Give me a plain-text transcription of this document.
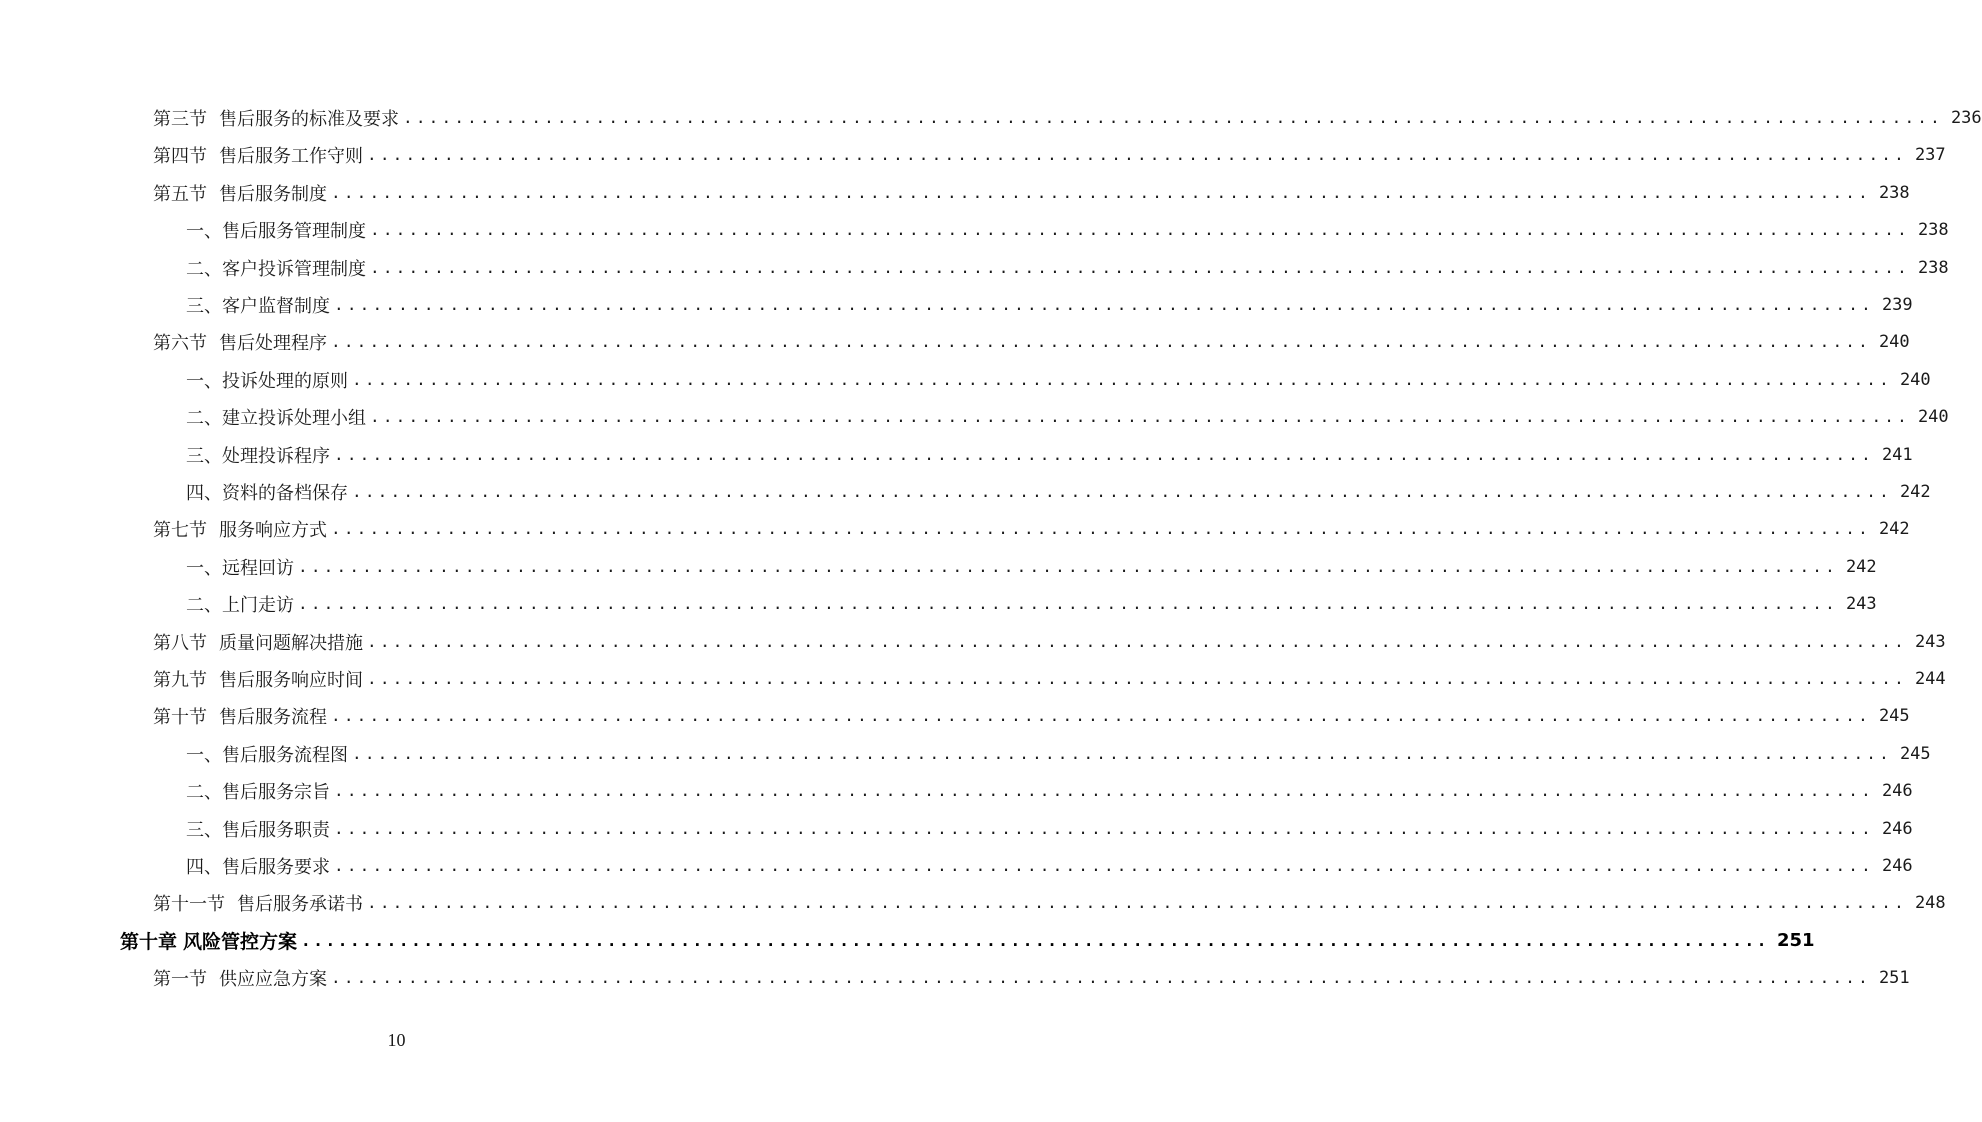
第三节 售后服务的标准及要求 ........................................................................................................................ 236
第四节 售后服务工作守则 ........................................................................................................................ 237
第五节 售后服务制度 ........................................................................................................................ 238
一、售后服务管理制度 ........................................................................................................................ 238
二、客户投诉管理制度 ........................................................................................................................ 238
三、客户监督制度 ........................................................................................................................ 239
第六节 售后处理程序 ........................................................................................................................ 240
一、投诉处理的原则 ........................................................................................................................ 240
二、建立投诉处理小组 ........................................................................................................................ 240
三、处理投诉程序 ........................................................................................................................ 241
四、资料的备档保存 ........................................................................................................................ 242
第七节 服务响应方式 ........................................................................................................................ 242
一、远程回访 ........................................................................................................................ 242
二、上门走访 ........................................................................................................................ 243
第八节 质量问题解决措施 ........................................................................................................................ 243
第九节 售后服务响应时间 ........................................................................................................................ 244
第十节 售后服务流程 ........................................................................................................................ 245
一、售后服务流程图 ........................................................................................................................ 245
二、售后服务宗旨 ........................................................................................................................ 246
三、售后服务职责 ........................................................................................................................ 246
四、售后服务要求 ........................................................................................................................ 246
第十一节 售后服务承诺书 ........................................................................................................................ 248
第十章 风险管控方案 ........................................................................................................................ 251
第一节 供应应急方案 ........................................................................................................................ 251
10
